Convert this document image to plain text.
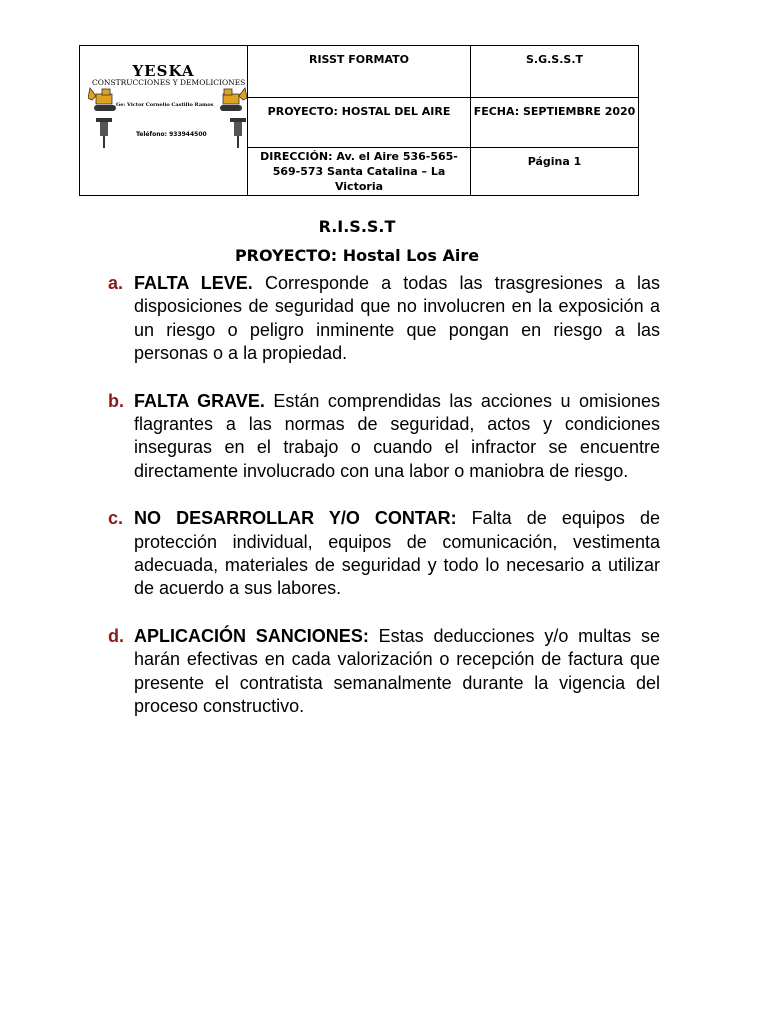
YESKA
CONSTRUCCIONES Y DEMOLICIONES
Ge: Victor Cornelio Castillo Ramos
Teléfono: 933944500	RISST FORMATO	S.G.S.S.T

	PROYECTO: HOSTAL DEL AIRE	FECHA: SEPTIEMBRE 2020

	DIRECCIÓN: Av. el Aire 536-565-569-573 Santa Catalina – La Victoria	Página 1
R.I.S.S.T
PROYECTO: Hostal Los Aire
a. FALTA LEVE. Corresponde a todas las trasgresiones a las disposiciones de seguridad que no involucren en la exposición a un riesgo o peligro inminente que pongan en riesgo a las personas o a la propiedad.
b. FALTA GRAVE. Están comprendidas las acciones u omisiones flagrantes a las normas de seguridad, actos y condiciones inseguras en el trabajo o cuando el infractor se encuentre directamente involucrado con una labor o maniobra de riesgo.
c. NO DESARROLLAR Y/O CONTAR: Falta de equipos de protección individual, equipos de comunicación, vestimenta adecuada, materiales de seguridad y todo lo necesario a utilizar de acuerdo a sus labores.
d. APLICACIÓN SANCIONES: Estas deducciones y/o multas se harán efectivas en cada valorización o recepción de factura que presente el contratista semanalmente durante la vigencia del proceso constructivo.
